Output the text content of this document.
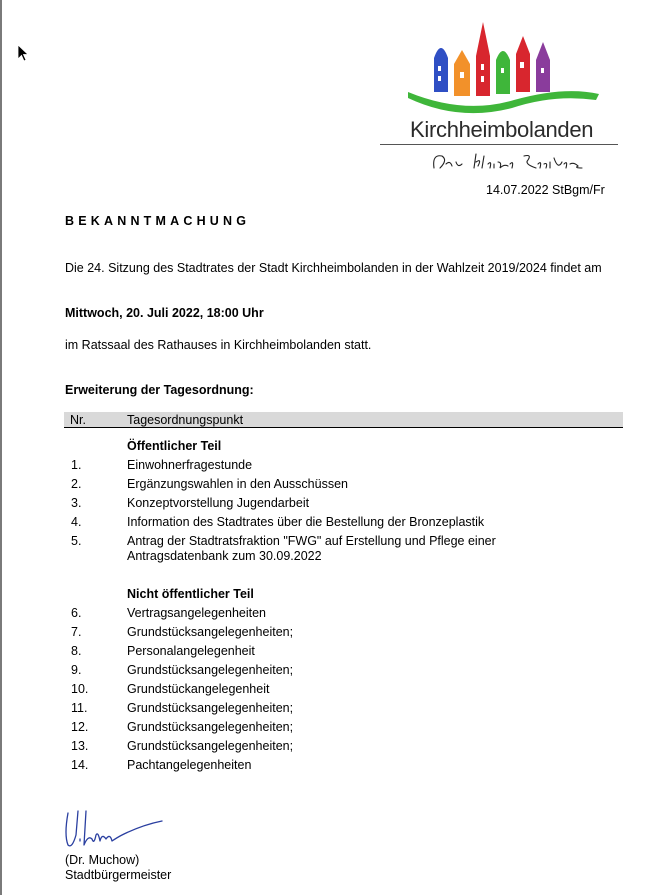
Kirchheimbolanden
14.07.2022 StBgm/Fr
BEKANNTMACHUNG
Die 24. Sitzung des Stadtrates der Stadt Kirchheimbolanden in der Wahlzeit 2019/2024 findet am
Mittwoch, 20. Juli 2022, 18:00 Uhr
im Ratssaal des Rathauses in Kirchheimbolanden statt.
Erweiterung der Tagesordnung:
Nr.	Tagesordnungspunkt
Öffentlicher Teil
1.	Einwohnerfragestunde
2.	Ergänzungswahlen in den Ausschüssen
3.	Konzeptvorstellung Jugendarbeit
4.	Information des Stadtrates über die Bestellung der Bronzeplastik
5.	Antrag der Stadtratsfraktion "FWG" auf Erstellung und Pflege einer Antragsdatenbank zum 30.09.2022
Nicht öffentlicher Teil
6.	Vertragsangelegenheiten
7.	Grundstücksangelegenheiten;
8.	Personalangelegenheit
9.	Grundstücksangelegenheiten;
10.	Grundstückangelegenheit
11.	Grundstücksangelegenheiten;
12.	Grundstücksangelegenheiten;
13.	Grundstücksangelegenheiten;
14.	Pachtangelegenheiten
(Dr. Muchow)
Stadtbürgermeister
